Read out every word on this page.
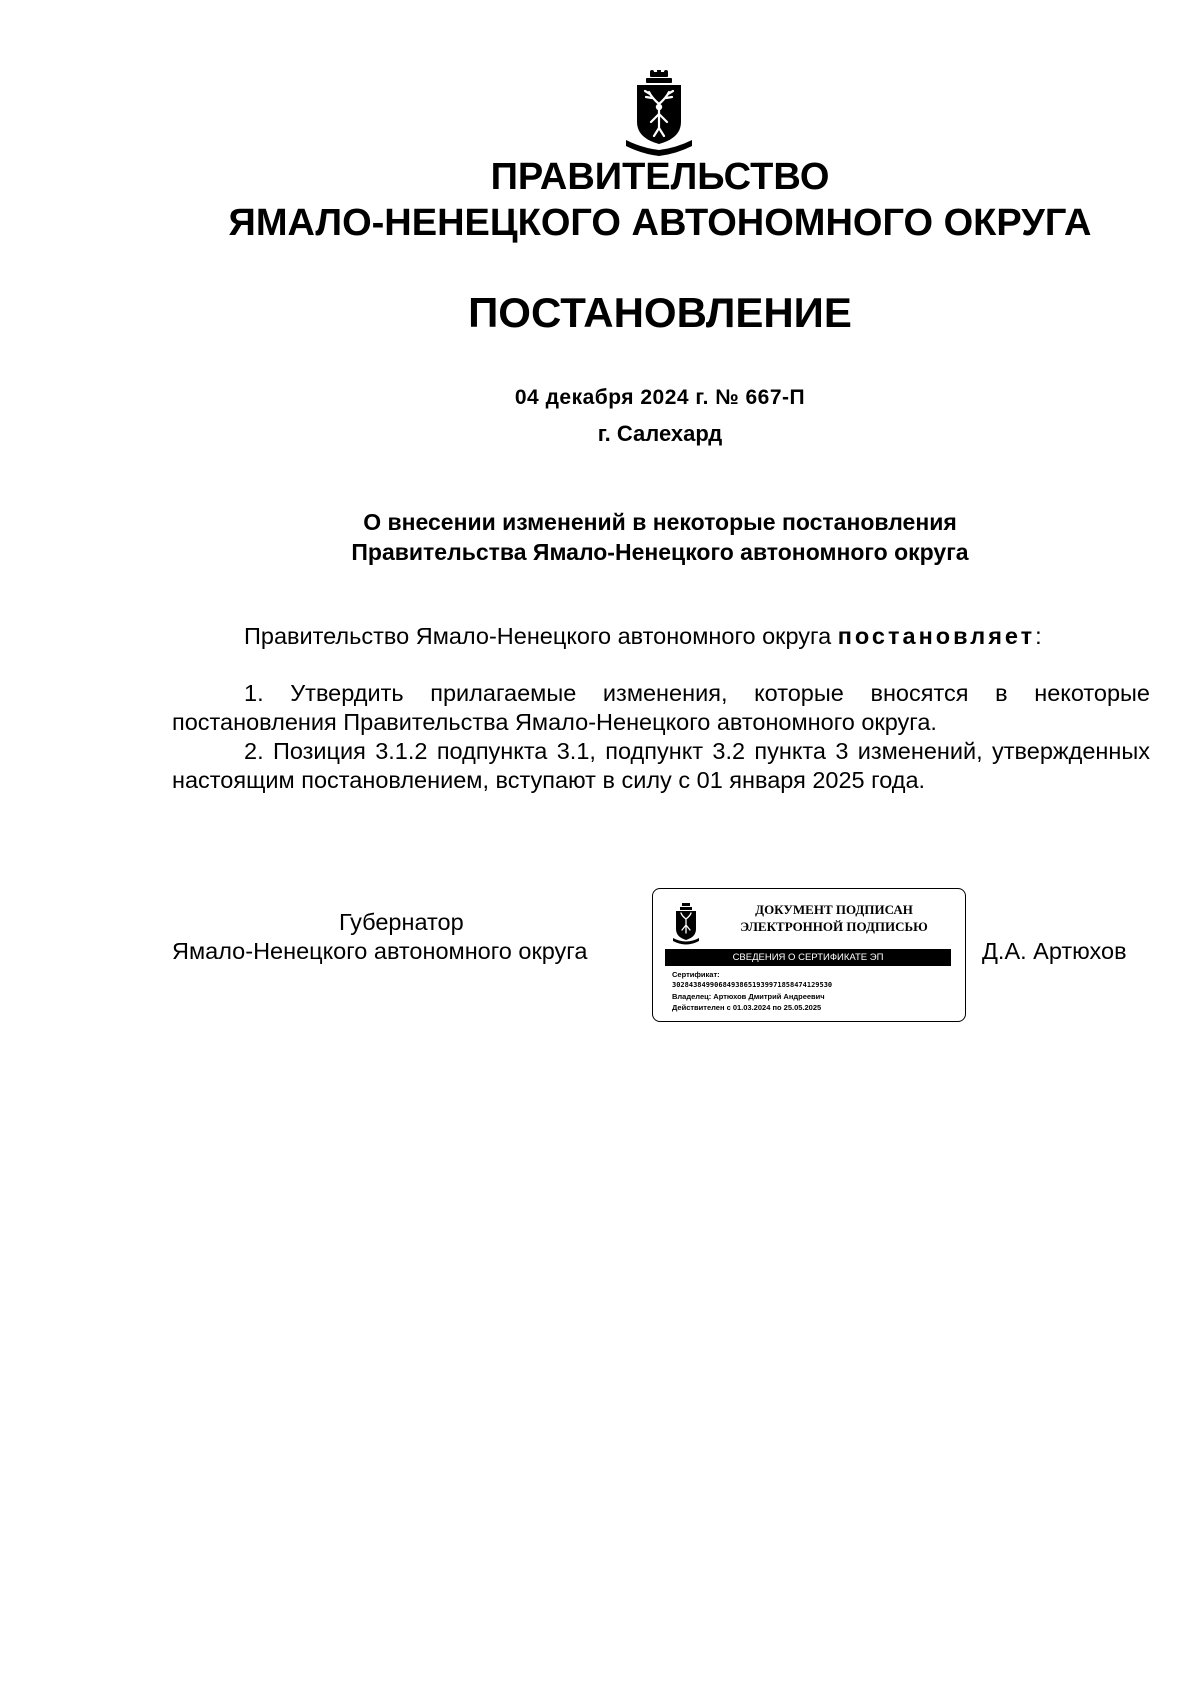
ПРАВИТЕЛЬСТВО
ЯМАЛО-НЕНЕЦКОГО АВТОНОМНОГО ОКРУГА
ПОСТАНОВЛЕНИЕ
04 декабря 2024 г. № 667-П
г. Салехард
О внесении изменений в некоторые постановления
Правительства Ямало-Ненецкого автономного округа
Правительство Ямало-Ненецкого автономного округа постановляет:
1. Утвердить прилагаемые изменения, которые вносятся в некоторые постановления Правительства Ямало-Ненецкого автономного округа.
2. Позиция 3.1.2 подпункта 3.1, подпункт 3.2 пункта 3 изменений, утвержденных настоящим постановлением, вступают в силу с 01 января 2025 года.
Губернатор
Ямало-Ненецкого автономного округа	Д.А. Артюхов
ДОКУМЕНТ ПОДПИСАН
ЭЛЕКТРОННОЙ ПОДПИСЬЮ
СВЕДЕНИЯ О СЕРТИФИКАТЕ ЭП
Сертификат:
302843849906849386519399718584741295З0
Владелец: Артюхов Дмитрий Андреевич
Действителен с 01.03.2024 по 25.05.2025
